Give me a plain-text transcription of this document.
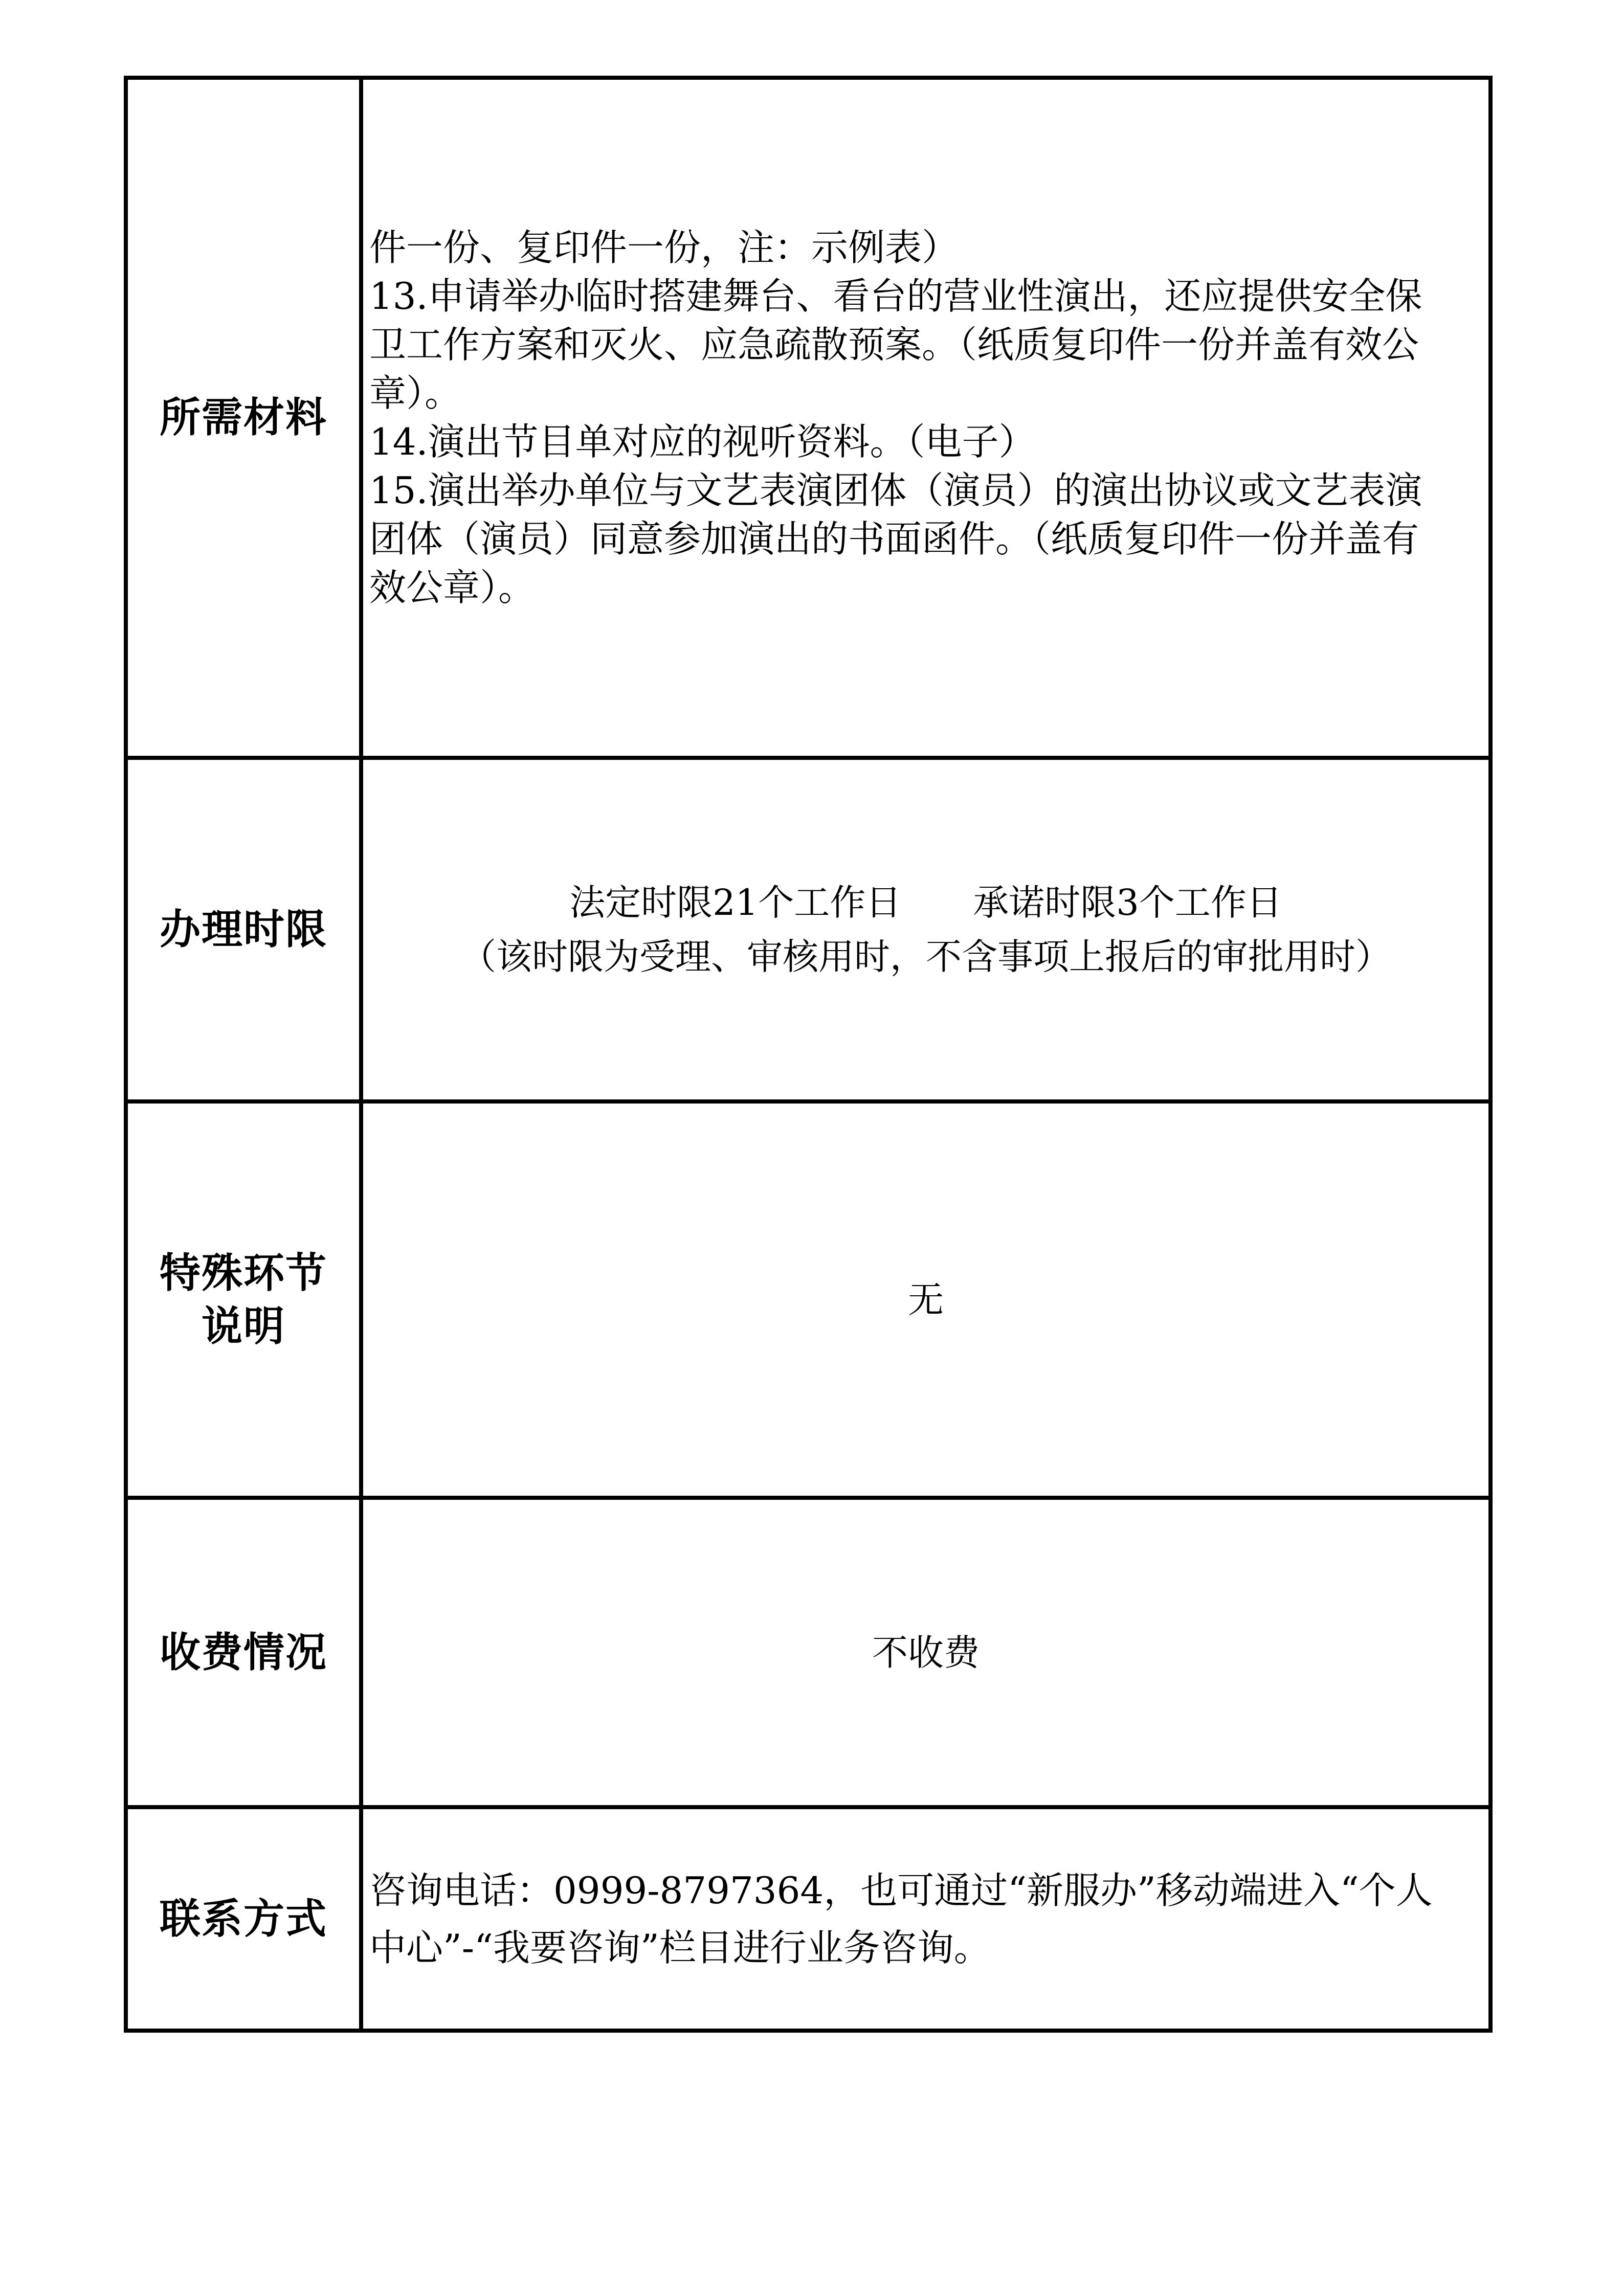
所需材料
件一份、复印件一份，注：示例表）
13.申请举办临时搭建舞台、看台的营业性演出，还应提供安全保
卫工作方案和灭火、应急疏散预案。（纸质复印件一份并盖有效公
章）。
14.演出节目单对应的视听资料。（电子）
15.演出举办单位与文艺表演团体（演员）的演出协议或文艺表演
团体（演员）同意参加演出的书面函件。（纸质复印件一份并盖有
效公章）。
办理时限
法定时限21个工作日　　承诺时限3个工作日
（该时限为受理、审核用时，不含事项上报后的审批用时）
特殊环节
说明
无
收费情况	不收费
联系方式
咨询电话：0999-8797364，也可通过“新服办”移动端进入“个人
中心”-“我要咨询”栏目进行业务咨询。
